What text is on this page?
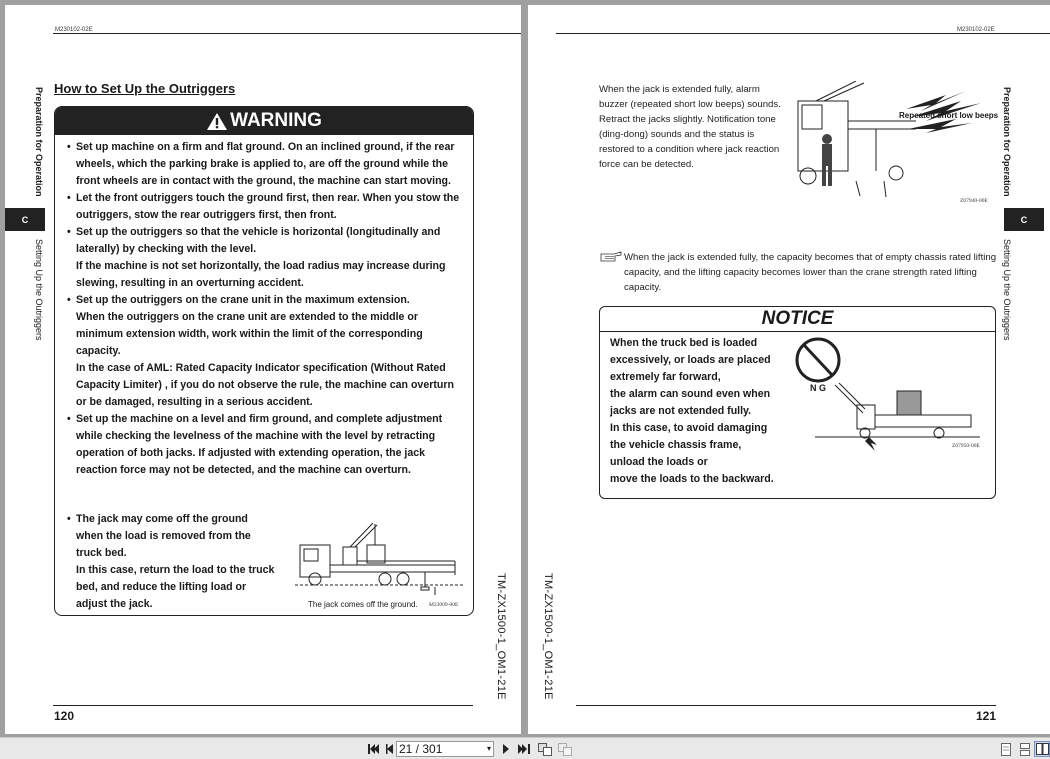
M230102-02E
Preparation for Operation
C
Setting Up the Outriggers
How to Set Up the Outriggers
WARNING
• Set up machine on a firm and flat ground. On an inclined ground, if the rear wheels, which the parking brake is applied to, are off the ground while the front wheels are in contact with the ground, the machine can start moving.
• Let the front outriggers touch the ground first, then rear. When you stow the outriggers, stow the rear outriggers first, then front.
• Set up the outriggers so that the vehicle is horizontal (longitudinally and laterally) by checking with the level.
If the machine is not set horizontally, the load radius may increase during slewing, resulting in an overturning accident.
• Set up the outriggers on the crane unit in the maximum extension.
When the outriggers on the crane unit are extended to the middle or minimum extension width, work within the limit of the corresponding capacity.
In the case of AML: Rated Capacity Indicator specification (Without Rated Capacity Limiter) , if you do not observe the rule, the machine can overturn or be damaged, resulting in a serious accident.
• Set up the machine on a level and firm ground, and complete adjustment while checking the levelness of the machine with the level by retracting operation of both jacks. If adjusted with extending operation, the jack reaction force may not be detected, and the machine can overturn.
• The jack may come off the ground when the load is removed from the truck bed.
In this case, return the load to the truck bed, and reduce the lifting load or adjust the jack.	The jack comes off the ground. M23009-00E	TM-ZX1500-1_OM1-21E
120
M230102-02E
Preparation for Operation
C
Setting Up the Outriggers
When the jack is extended fully, alarm buzzer (repeated short low beeps) sounds. Retract the jacks slightly. Notification tone (ding-dong) sounds and the status is restored to a condition where jack reaction force can be detected.
Repeated short low beeps
Z07940-00E
When the jack is extended fully, the capacity becomes that of empty chassis rated lifting capacity, and the lifting capacity becomes lower than the crane strength rated lifting capacity.
NOTICE
When the truck bed is loaded
excessively, or loads are placed
extremely far forward,
the alarm can sound even when
jacks are not extended fully.
In this case, to avoid damaging
the vehicle chassis frame,
unload the loads or
move the loads to the backward.
N G
Z07950-00E
TM-ZX1500-1_OM1-21E
121
21 / 301	▾
